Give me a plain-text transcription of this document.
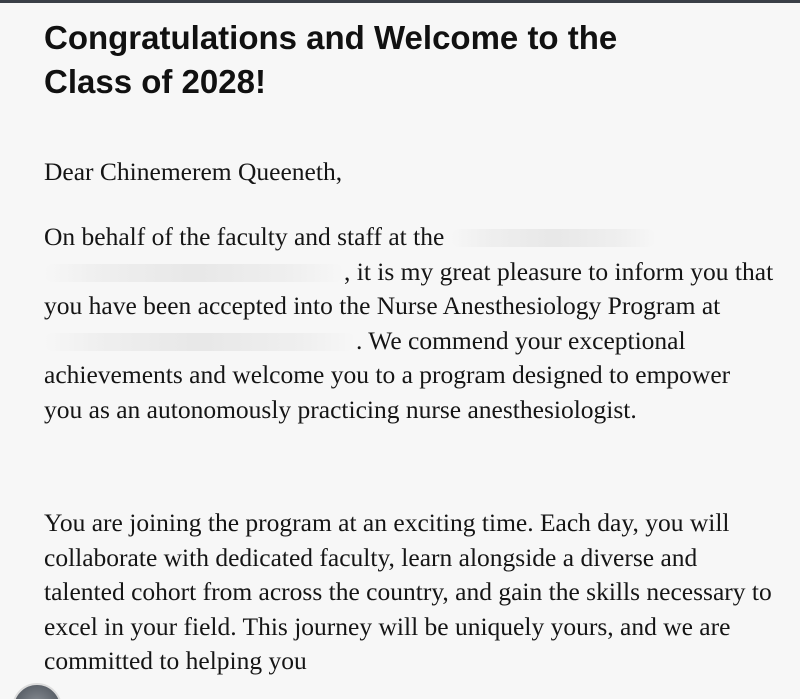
Congratulations and Welcome to the
Class of 2028!

Dear Chinemerem Queeneth,

On behalf of the faculty and staff at the  , it is my great pleasure to inform you that you have been accepted into the Nurse Anesthesiology Program at . We commend your exceptional achievements and welcome you to a program designed to empower you as an autonomously practicing nurse anesthesiologist.

You are joining the program at an exciting time. Each day, you will collaborate with dedicated faculty, learn alongside a diverse and talented cohort from across the country, and gain the skills necessary to excel in your field. This journey will be uniquely yours, and we are committed to helping you
